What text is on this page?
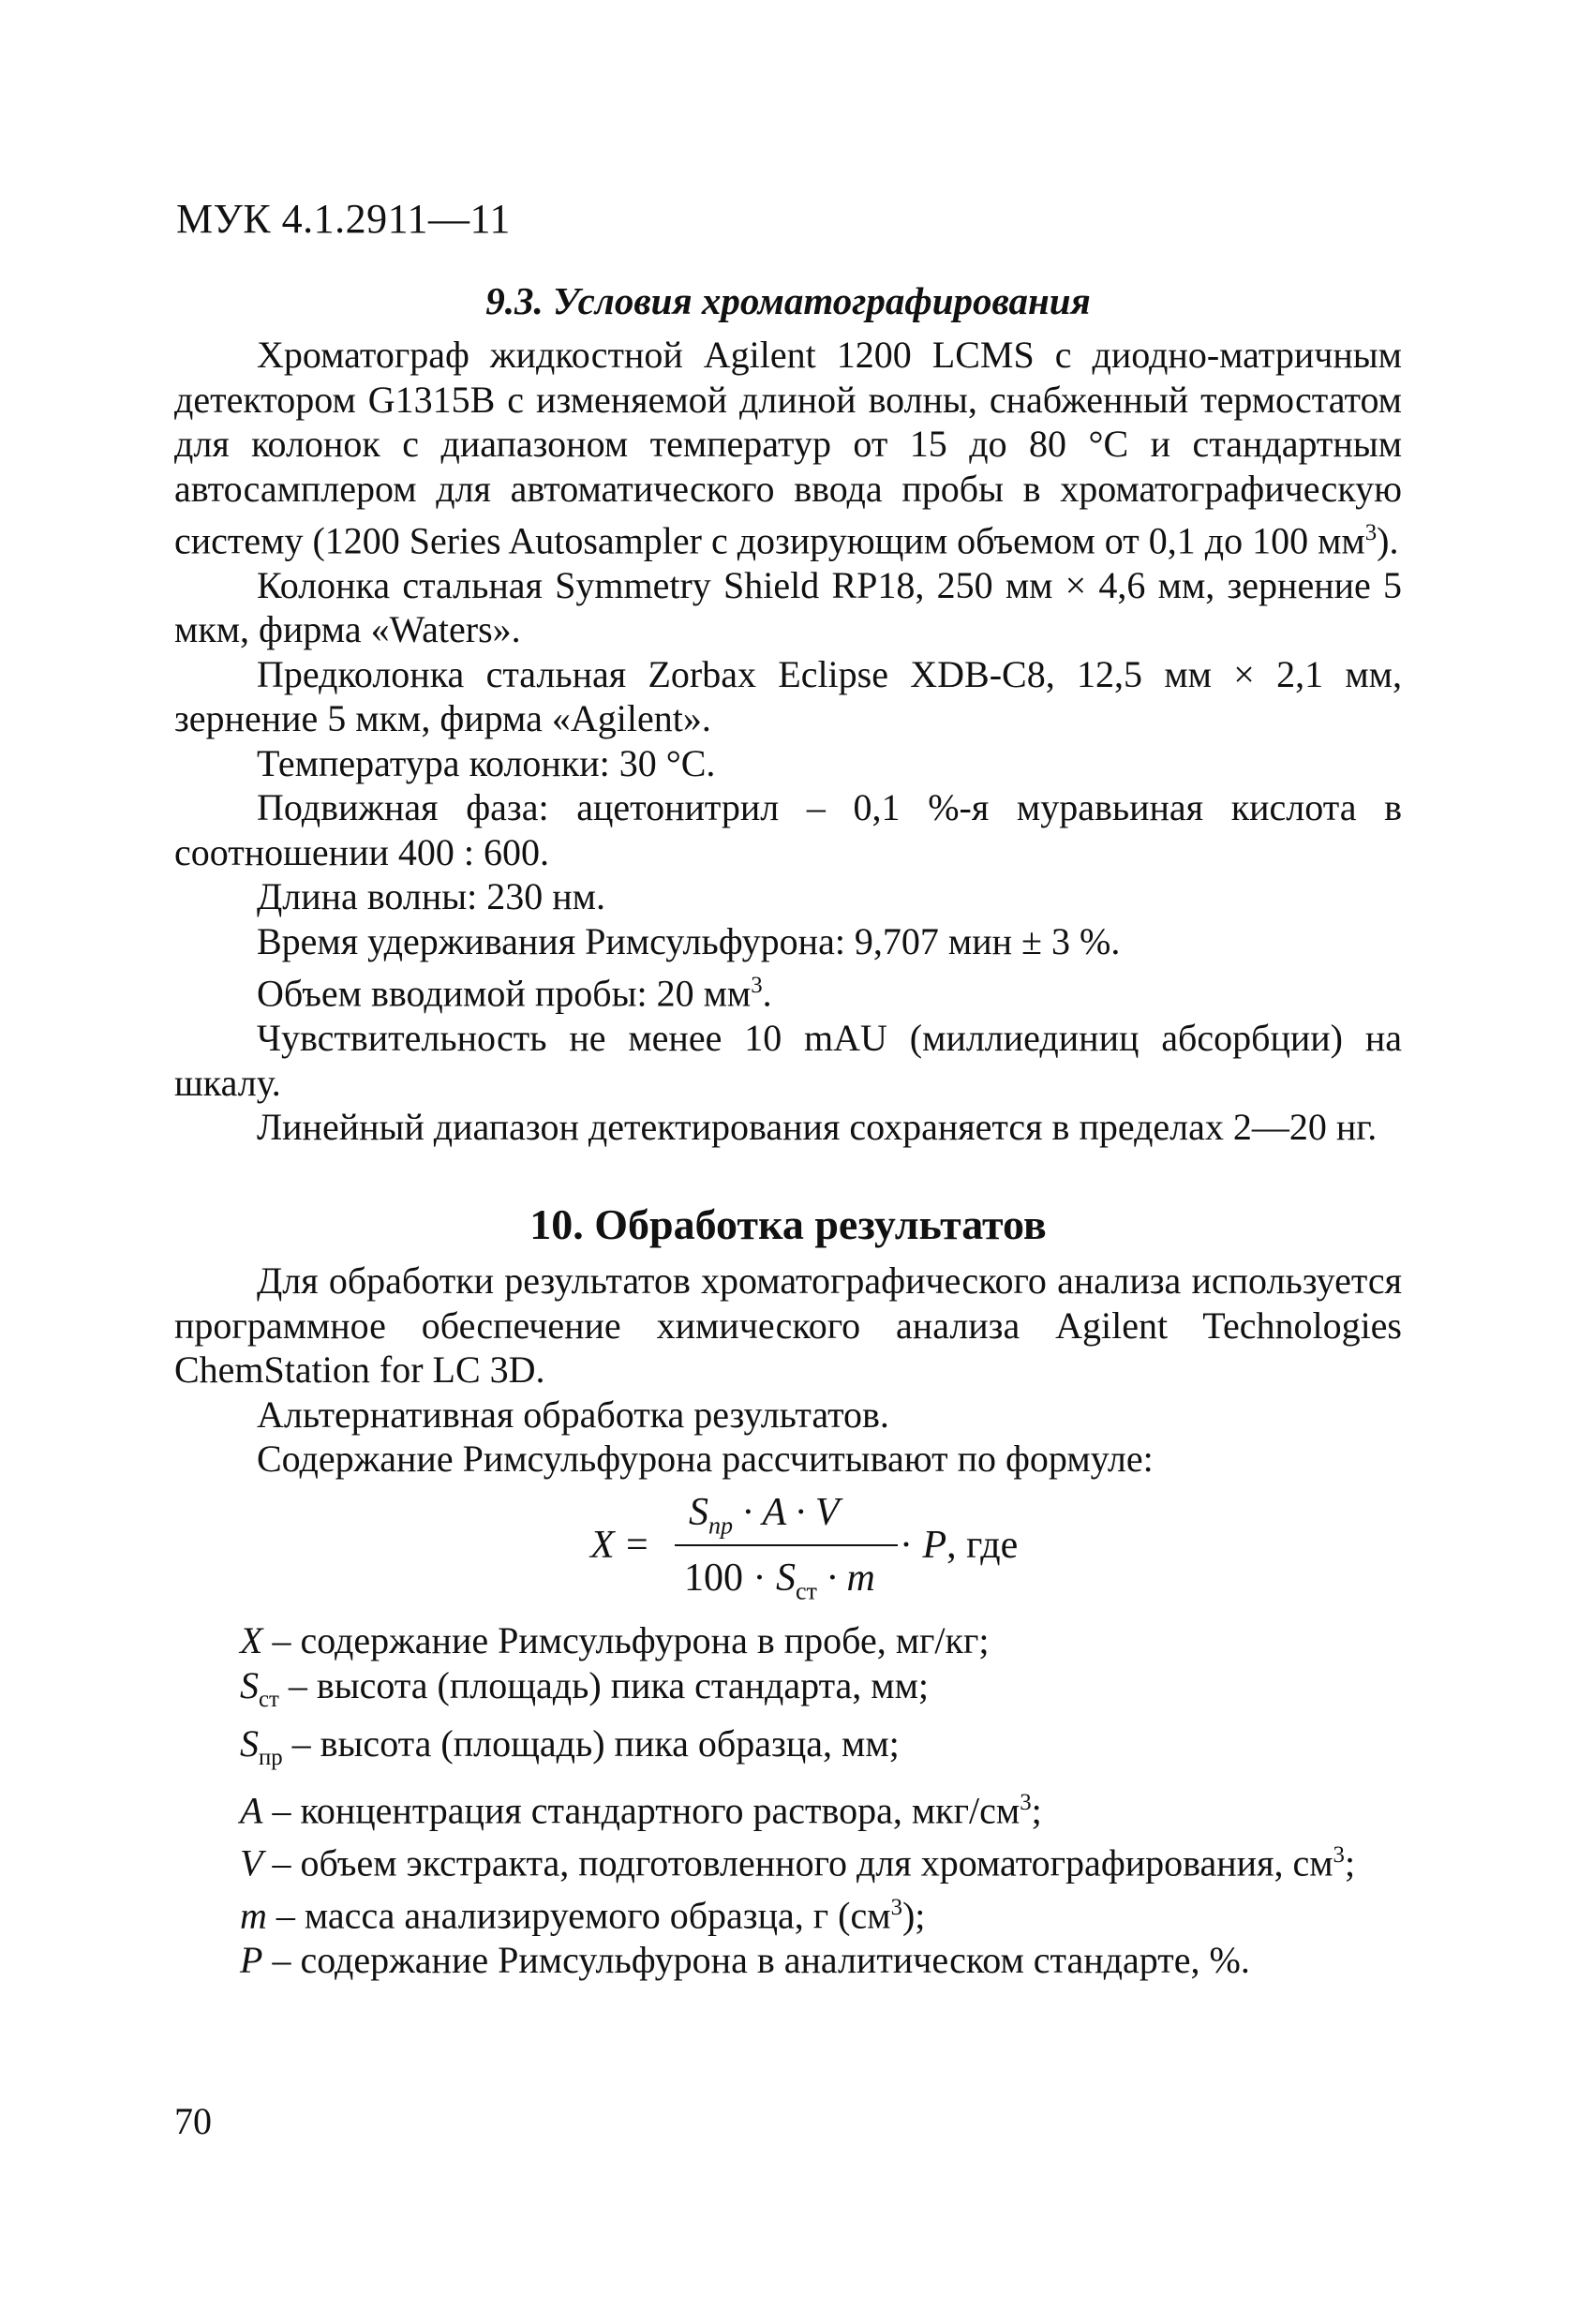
МУК 4.1.2911—11
9.3. Условия хроматографирования

Хроматограф жидкостной Agilent 1200 LCMS с диодно-матричным детектором G1315B с изменяемой длиной волны, снабженный термостатом для колонок с диапазоном температур от 15 до 80 °C и стандартным автосамплером для автоматического ввода пробы в хроматографическую систему (1200 Series Autosampler с дозирующим объемом от 0,1 до 100 $мм^3$).

Колонка стальная Symmetry Shield RP18, 250 мм × 4,6 мм, зернение 5 мкм, фирма «Waters».

Предколонка стальная Zorbax Eclipse XDB-C8, 12,5 мм × 2,1 мм, зернение 5 мкм, фирма «Agilent».

Температура колонки: 30 °C.

Подвижная фаза: ацетонитрил – 0,1 %-я муравьиная кислота в соотношении 400 : 600.

Длина волны: 230 нм.

Время удерживания Римсульфурона: 9,707 мин ± 3 %.

Объем вводимой пробы: 20 $мм^3$.

Чувствительность не менее 10 mAU (миллиединиц абсорбции) на шкалу.

Линейный диапазон детектирования сохраняется в пределах 2—20 нг.

10. Обработка результатов

Для обработки результатов хроматографического анализа используется программное обеспечение химического анализа Agilent Technologies ChemStation for LC 3D.

Альтернативная обработка результатов.

Содержание Римсульфурона рассчитывают по формуле:

X =
$S_{пр} \cdot A \cdot V$
$100 \cdot S_{ст} \cdot m$
· P, где
X – содержание Римсульфурона в пробе, мг/кг;
$S_{ст}$ – высота (площадь) пика стандарта, мм;
$S_{пр}$ – высота (площадь) пика образца, мм;
A – концентрация стандартного раствора, мкг/$см^3$;
V – объем экстракта, подготовленного для хроматографирования, $см^3$;
m – масса анализируемого образца, г $(см^3)$;
P – содержание Римсульфурона в аналитическом стандарте, %.
70
